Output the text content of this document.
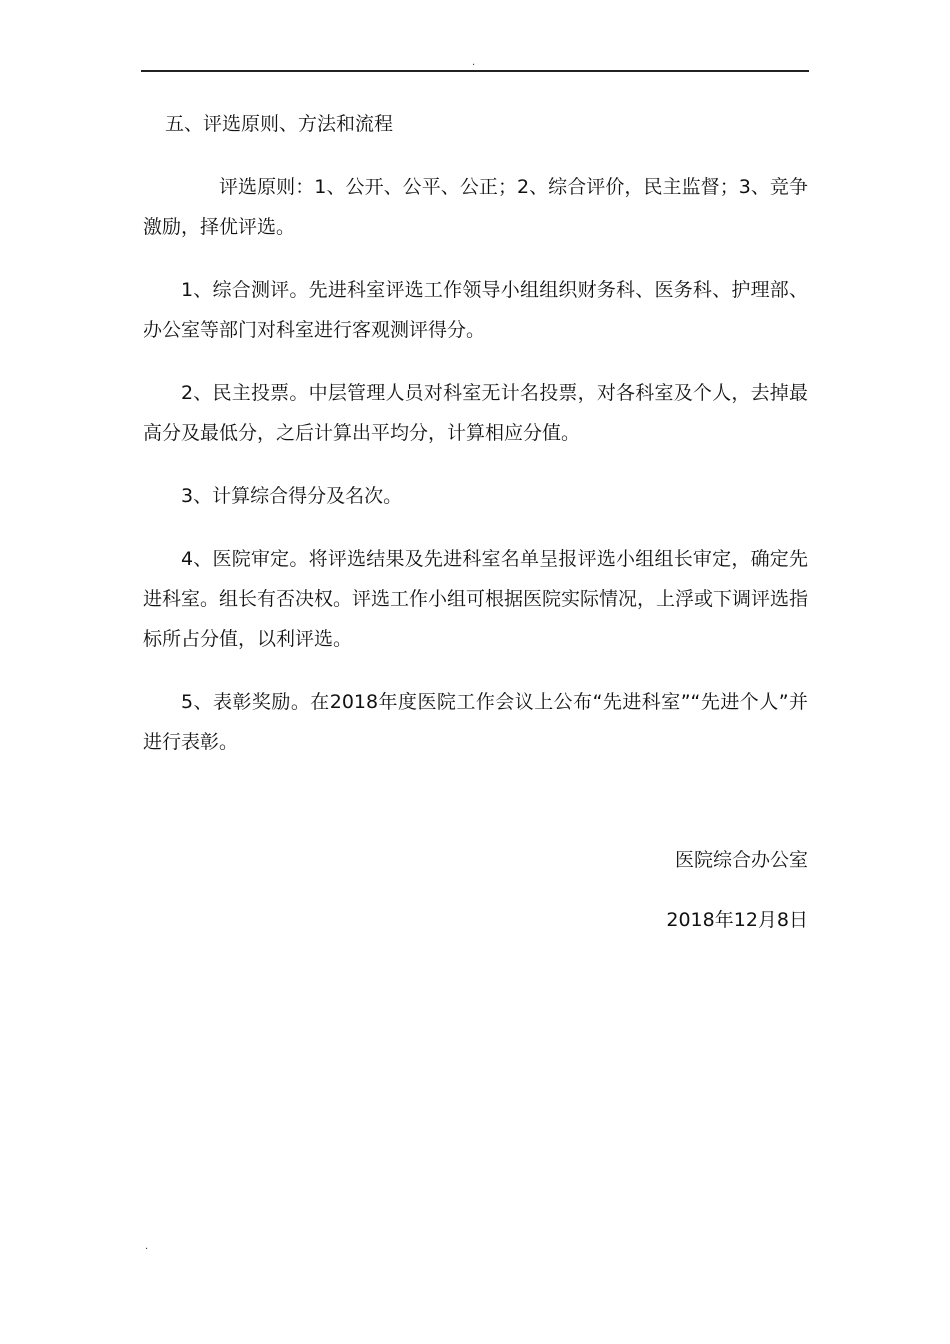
.

五、评选原则、方法和流程

评选原则：1、公开、公平、公正；2、综合评价，民主监督；3、竞争激励，择优评选。

1、综合测评。先进科室评选工作领导小组组织财务科、医务科、护理部、办公室等部门对科室进行客观测评得分。

2、民主投票。中层管理人员对科室无计名投票，对各科室及个人，去掉最高分及最低分，之后计算出平均分，计算相应分值。

3、计算综合得分及名次。

4、医院审定。将评选结果及先进科室名单呈报评选小组组长审定，确定先进科室。组长有否决权。评选工作小组可根据医院实际情况，上浮或下调评选指标所占分值，以利评选。

5、表彰奖励。在2018年度医院工作会议上公布“先进科室”“先进个人”并进行表彰。

医院综合办公室
2018年12月8日
.
